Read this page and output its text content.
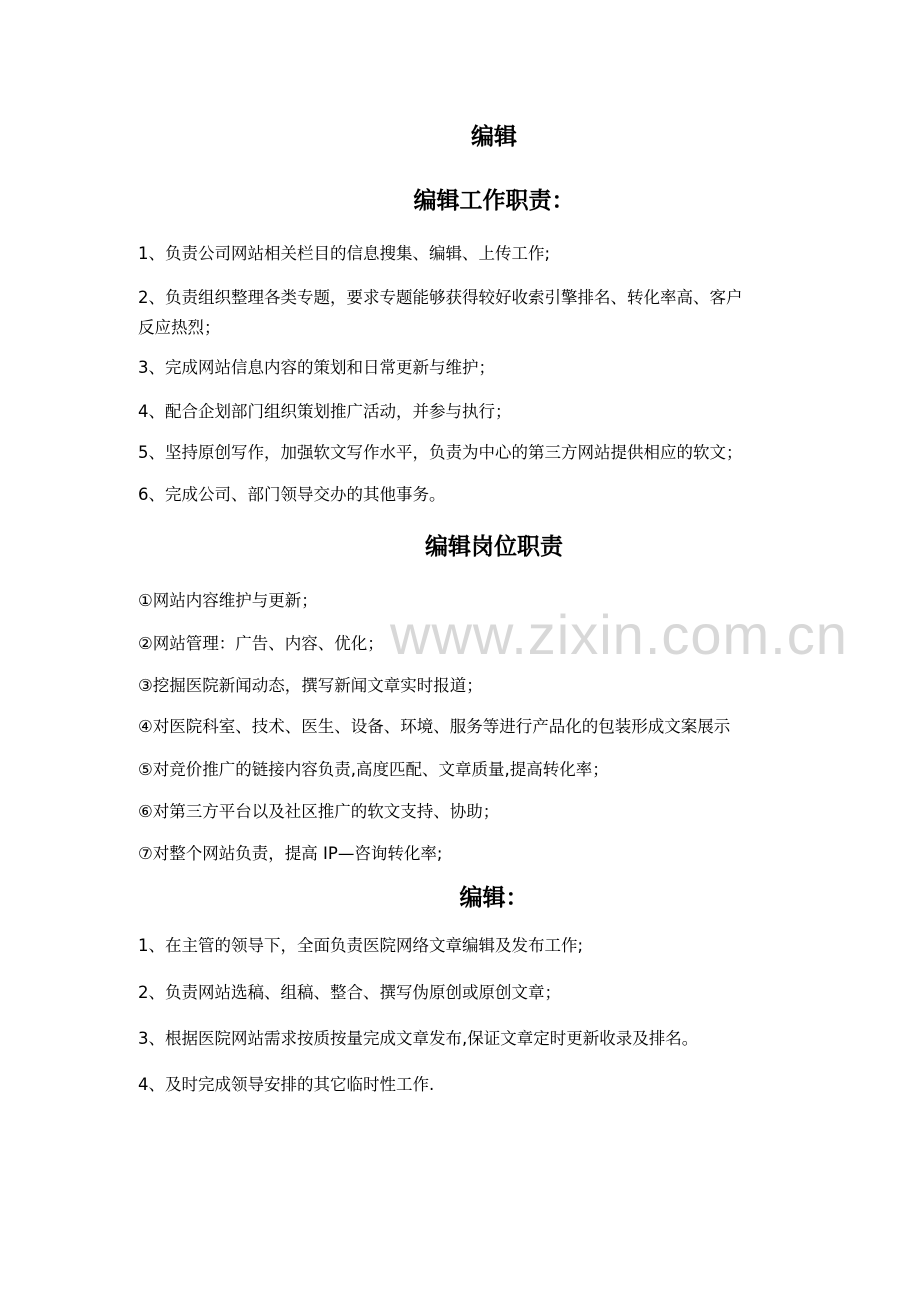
编辑
编辑工作职责：
1、负责公司网站相关栏目的信息搜集、编辑、上传工作;
2、负责组织整理各类专题，要求专题能够获得较好收索引擎排名、转化率高、客户
反应热烈；
3、完成网站信息内容的策划和日常更新与维护；
4、配合企划部门组织策划推广活动，并参与执行；
5、坚持原创写作，加强软文写作水平，负责为中心的第三方网站提供相应的软文；
6、完成公司、部门领导交办的其他事务。
编辑岗位职责
①网站内容维护与更新；
②网站管理：广告、内容、优化；
③挖掘医院新闻动态，撰写新闻文章实时报道；
④对医院科室、技术、医生、设备、环境、服务等进行产品化的包装形成文案展示
⑤对竞价推广的链接内容负责,高度匹配、文章质量,提高转化率；
⑥对第三方平台以及社区推广的软文支持、协助；
⑦对整个网站负责，提高 IP—咨询转化率;
编辑：
1、在主管的领导下，全面负责医院网络文章编辑及发布工作;
2、负责网站选稿、组稿、整合、撰写伪原创或原创文章；
3、根据医院网站需求按质按量完成文章发布,保证文章定时更新收录及排名。
4、及时完成领导安排的其它临时性工作.
www.zixin.com.cn
